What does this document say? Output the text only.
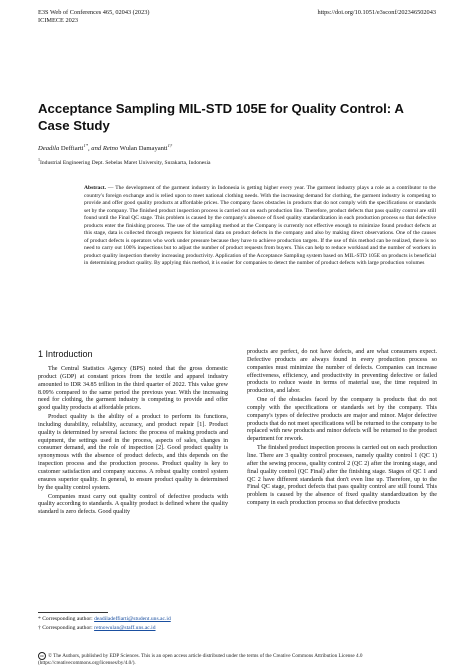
E3S Web of Conferences 465, 02043 (2023)
ICIMECE 2023
https://doi.org/10.1051/e3sconf/202346502043
Acceptance Sampling MIL-STD 105E for Quality Control: A Case Study
Deadila Deffiarti$^{1*}$, and Retno Wulan Damayanti$^{1\dagger}$
$^1$Industrial Engineering Dept. Sebelas Maret University, Surakarta, Indonesia
Abstract. — The development of the garment industry in Indonesia is getting higher every year. The garment industry plays a role as a contributor to the country's foreign exchange and is relied upon to meet national clothing needs. With the increasing demand for clothing, the garment industry is competing to provide and offer good quality products at affordable prices. The company faces obstacles in products that do not comply with the specifications or standards set by the company. The finished product inspection process is carried out on each production line. Therefore, product defects that pass quality control are still found until the Final QC stage. This problem is caused by the company's absence of fixed quality standardization in each production process so that defective products enter the finishing process. The use of the sampling method at the Company is currently not effective enough to minimize found product defects at this stage, data is collected through requests for historical data on product defects in the company and also by making direct observations. One of the causes of product defects is operators who work under pressure because they have to achieve production targets. If the use of this method can be realized, there is no need to carry out 100% inspections but to adjust the number of product requests from buyers. This can help to reduce workload and the number of workers in product quality inspection thereby increasing productivity. Application of the Acceptance Sampling system based on MIL-STD 105E on products is beneficial in determining product quality. By applying this method, it is easier for companies to detect the number of product defects with large production volumes
1 Introduction

The Central Statistics Agency (BPS) noted that the gross domestic product (GDP) at constant prices from the textile and apparel industry amounted to IDR 34.85 trillion in the third quarter of 2022. This value grew 8.09% compared to the same period the previous year. With the increasing need for clothing, the garment industry is competing to provide and offer good quality products at affordable prices.

Product quality is the ability of a product to perform its functions, including durability, reliability, accuracy, and product repair [1]. Product quality is determined by several factors: the process of making products and equipment, the settings used in the process, aspects of sales, changes in consumer demand, and the role of inspection [2]. Good product quality is synonymous with the absence of product defects, and this depends on the inspection process and the production process. Product quality is key to customer satisfaction and company success. A robust quality control system ensures superior quality. In general, to ensure product quality is determined by the quality control system.

Companies must carry out quality control of defective products with quality according to standards. A quality product is defined where the quality standard is zero defects. Good quality

products are perfect, do not have defects, and are what consumers expect. Defective products are always found in every production process so companies must minimize the number of defects. Companies can increase effectiveness, efficiency, and productivity in preventing defective or failed products to reduce waste in terms of material use, the time required in production, and labor.

One of the obstacles faced by the company is products that do not comply with the specifications or standards set by the company. This company's types of defective products are major and minor. Major defective products that do not meet specifications will be returned to the company to be replaced with new products and minor defects will be returned to the product department for rework.

The finished product inspection process is carried out on each production line. There are 3 quality control processes, namely quality control 1 (QC 1) after the sewing process, quality control 2 (QC 2) after the ironing stage, and final quality control (QC Final) after the finishing stage. Stages of QC 1 and QC 2 have different standards that don't even line up. Therefore, up to the Final QC stage, product defects that pass quality control are still found. This problem is caused by the absence of fixed quality standardization by the company in each production process so that defective products

* Corresponding author: deadiladeffiarti@student.uns.ac.id
† Corresponding author: retnowulan@staff.uns.ac.id
cc © The Authors, published by EDP Sciences. This is an open access article distributed under the terms of the Creative Commons Attribution License 4.0
(https://creativecommons.org/licenses/by/4.0/).
